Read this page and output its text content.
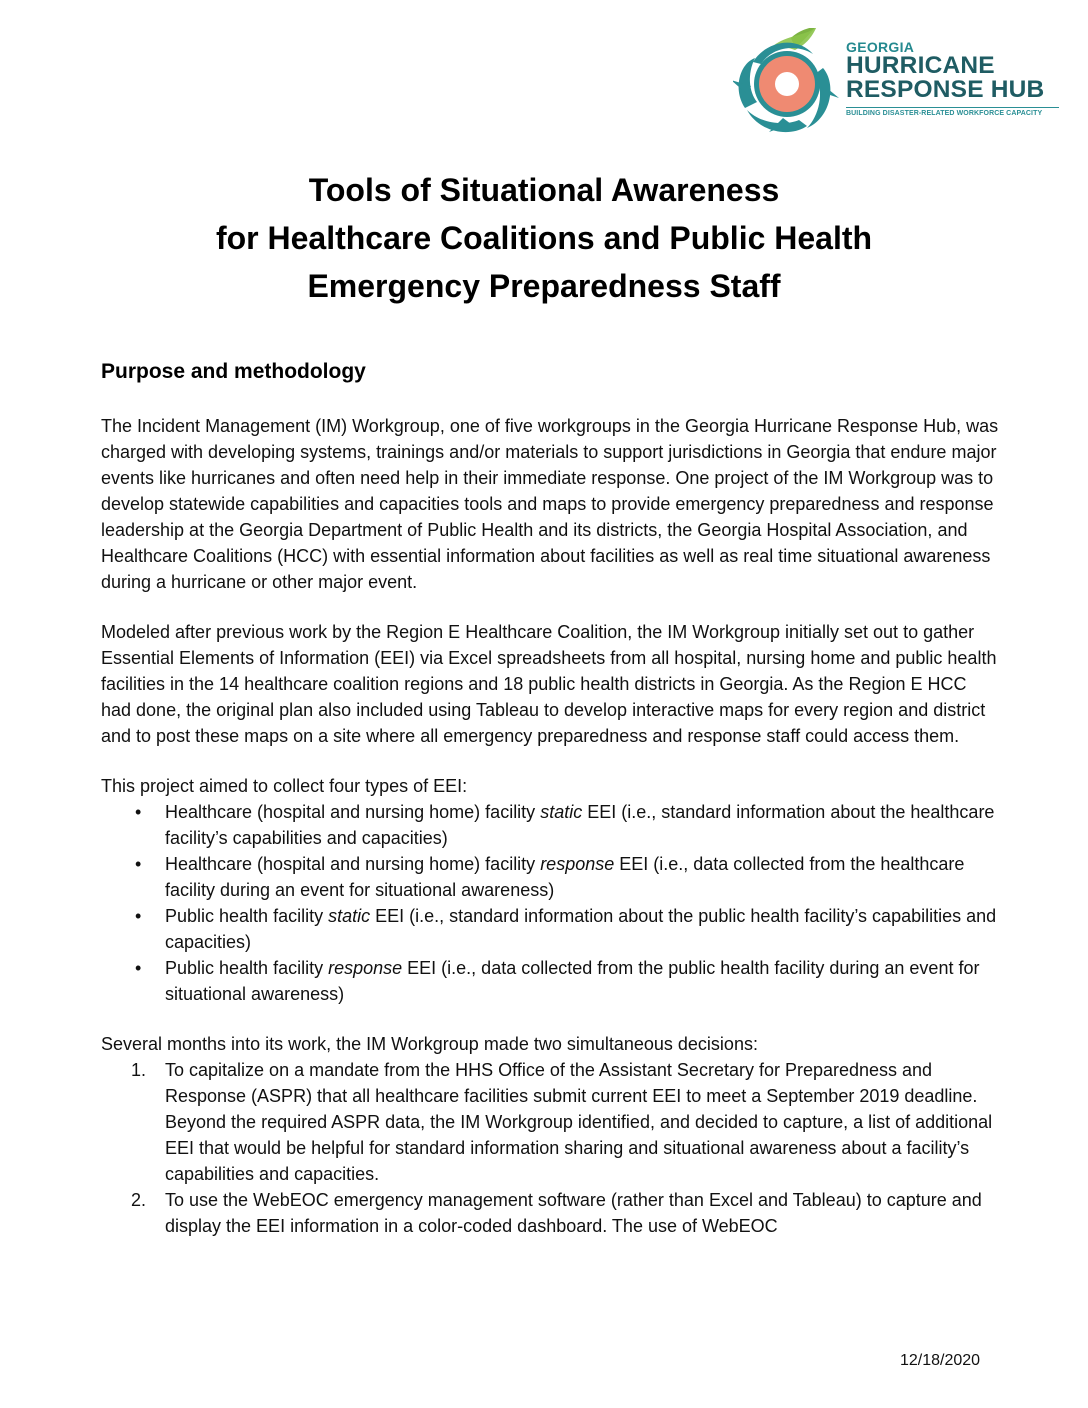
GEORGIA
HURRICANE
RESPONSE HUB
BUILDING DISASTER-RELATED WORKFORCE CAPACITY
Tools of Situational Awareness
for Healthcare Coalitions and Public Health
Emergency Preparedness Staff
Purpose and methodology

The Incident Management (IM) Workgroup, one of five workgroups in the Georgia Hurricane Response Hub, was charged with developing systems, trainings and/or materials to support jurisdictions in Georgia that endure major events like hurricanes and often need help in their immediate response. One project of the IM Workgroup was to develop statewide capabilities and capacities tools and maps to provide emergency preparedness and response leadership at the Georgia Department of Public Health and its districts, the Georgia Hospital Association, and Healthcare Coalitions (HCC) with essential information about facilities as well as real time situational awareness during a hurricane or other major event.

Modeled after previous work by the Region E Healthcare Coalition, the IM Workgroup initially set out to gather Essential Elements of Information (EEI) via Excel spreadsheets from all hospital, nursing home and public health facilities in the 14 healthcare coalition regions and 18 public health districts in Georgia. As the Region E HCC had done, the original plan also included using Tableau to develop interactive maps for every region and district and to post these maps on a site where all emergency preparedness and response staff could access them.

This project aimed to collect four types of EEI:

• Healthcare (hospital and nursing home) facility static EEI (i.e., standard information about the healthcare facility’s capabilities and capacities)
• Healthcare (hospital and nursing home) facility response EEI (i.e., data collected from the healthcare facility during an event for situational awareness)
• Public health facility static EEI (i.e., standard information about the public health facility’s capabilities and capacities)
• Public health facility response EEI (i.e., data collected from the public health facility during an event for situational awareness)

Several months into its work, the IM Workgroup made two simultaneous decisions:

1. To capitalize on a mandate from the HHS Office of the Assistant Secretary for Preparedness and Response (ASPR) that all healthcare facilities submit current EEI to meet a September 2019 deadline. Beyond the required ASPR data, the IM Workgroup identified, and decided to capture, a list of additional EEI that would be helpful for standard information sharing and situational awareness about a facility’s capabilities and capacities.
2. To use the WebEOC emergency management software (rather than Excel and Tableau) to capture and display the EEI information in a color-coded dashboard. The use of WebEOC
12/18/2020
